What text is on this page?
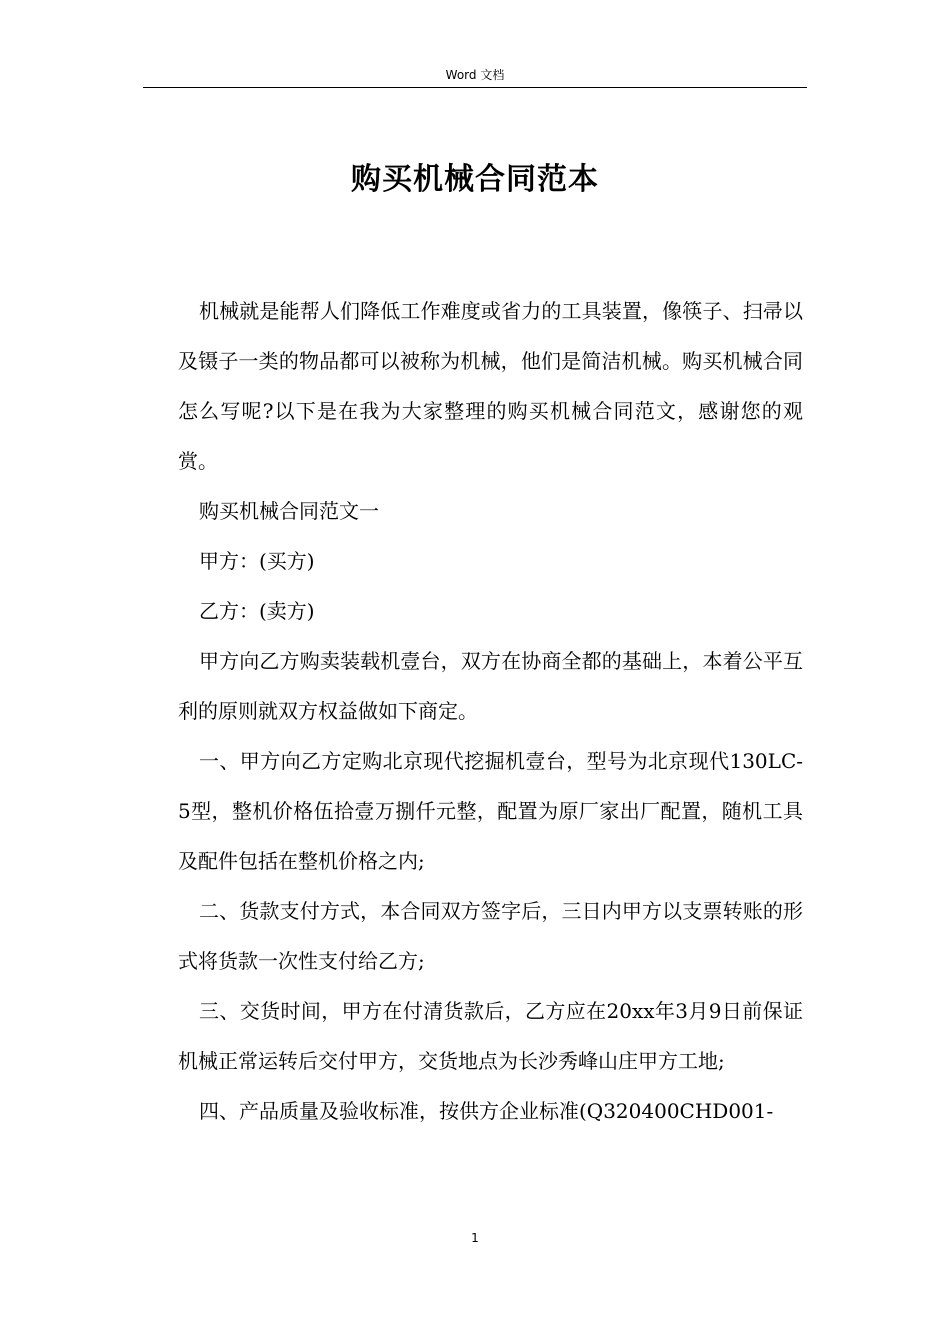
Word 文档
购买机械合同范本

机械就是能帮人们降低工作难度或省力的工具装置，像筷子、扫帚以及镊子一类的物品都可以被称为机械，他们是简洁机械。购买机械合同怎么写呢?以下是在我为大家整理的购买机械合同范文，感谢您的观赏。

购买机械合同范文一

甲方：(买方)

乙方：(卖方)

甲方向乙方购卖装载机壹台，双方在协商全都的基础上，本着公平互利的原则就双方权益做如下商定。

一、甲方向乙方定购北京现代挖掘机壹台，型号为北京现代130LC-5型，整机价格伍拾壹万捌仟元整，配置为原厂家出厂配置，随机工具及配件包括在整机价格之内;

二、货款支付方式，本合同双方签字后，三日内甲方以支票转账的形式将货款一次性支付给乙方;

三、交货时间，甲方在付清货款后，乙方应在20xx年3月9日前保证机械正常运转后交付甲方，交货地点为长沙秀峰山庄甲方工地;

四、产品质量及验收标准，按供方企业标准(Q320400CHD001-

1
